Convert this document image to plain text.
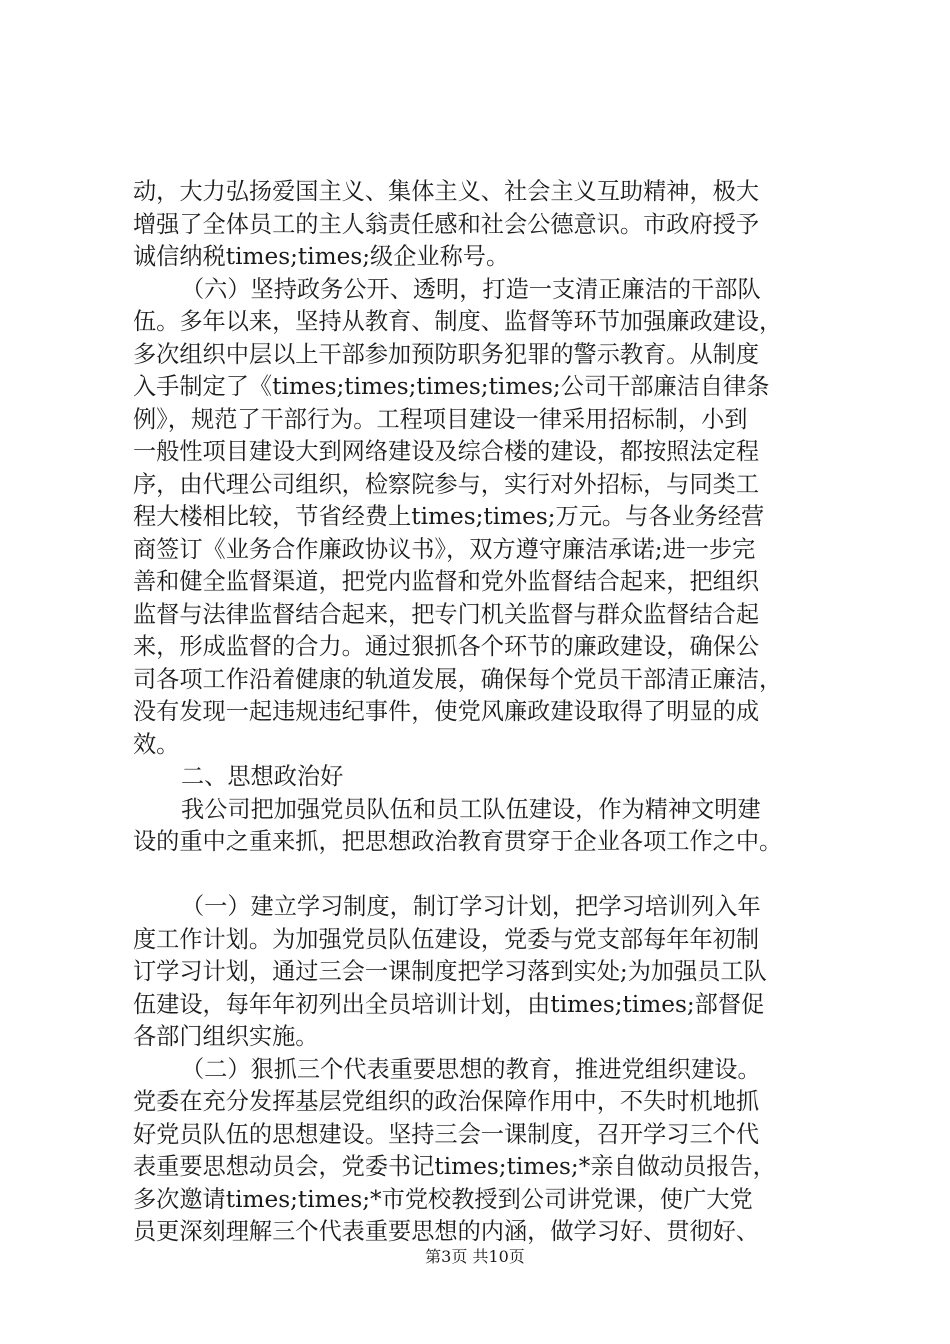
动，大力弘扬爱国主义、集体主义、社会主义互助精神，极大
增强了全体员工的主人翁责任感和社会公德意识。市政府授予
诚信纳税times;times;级企业称号。
（六）坚持政务公开、透明，打造一支清正廉洁的干部队
伍。多年以来，坚持从教育、制度、监督等环节加强廉政建设，
多次组织中层以上干部参加预防职务犯罪的警示教育。从制度
入手制定了《times;times;times;times;公司干部廉洁自律条
例》，规范了干部行为。工程项目建设一律采用招标制，小到
一般性项目建设大到网络建设及综合楼的建设，都按照法定程
序，由代理公司组织，检察院参与，实行对外招标，与同类工
程大楼相比较，节省经费上times;times;万元。与各业务经营
商签订《业务合作廉政协议书》，双方遵守廉洁承诺;进一步完
善和健全监督渠道，把党内监督和党外监督结合起来，把组织
监督与法律监督结合起来，把专门机关监督与群众监督结合起
来，形成监督的合力。通过狠抓各个环节的廉政建设，确保公
司各项工作沿着健康的轨道发展，确保每个党员干部清正廉洁，
没有发现一起违规违纪事件，使党风廉政建设取得了明显的成
效。
二、思想政治好
我公司把加强党员队伍和员工队伍建设，作为精神文明建
设的重中之重来抓，把思想政治教育贯穿于企业各项工作之中。
（一）建立学习制度，制订学习计划，把学习培训列入年
度工作计划。为加强党员队伍建设，党委与党支部每年年初制
订学习计划，通过三会一课制度把学习落到实处;为加强员工队
伍建设，每年年初列出全员培训计划，由times;times;部督促
各部门组织实施。
（二）狠抓三个代表重要思想的教育，推进党组织建设。
党委在充分发挥基层党组织的政治保障作用中，不失时机地抓
好党员队伍的思想建设。坚持三会一课制度，召开学习三个代
表重要思想动员会，党委书记times;times;*亲自做动员报告，
多次邀请times;times;*市党校教授到公司讲党课，使广大党
员更深刻理解三个代表重要思想的内涵，做学习好、贯彻好、
第3页 共10页
